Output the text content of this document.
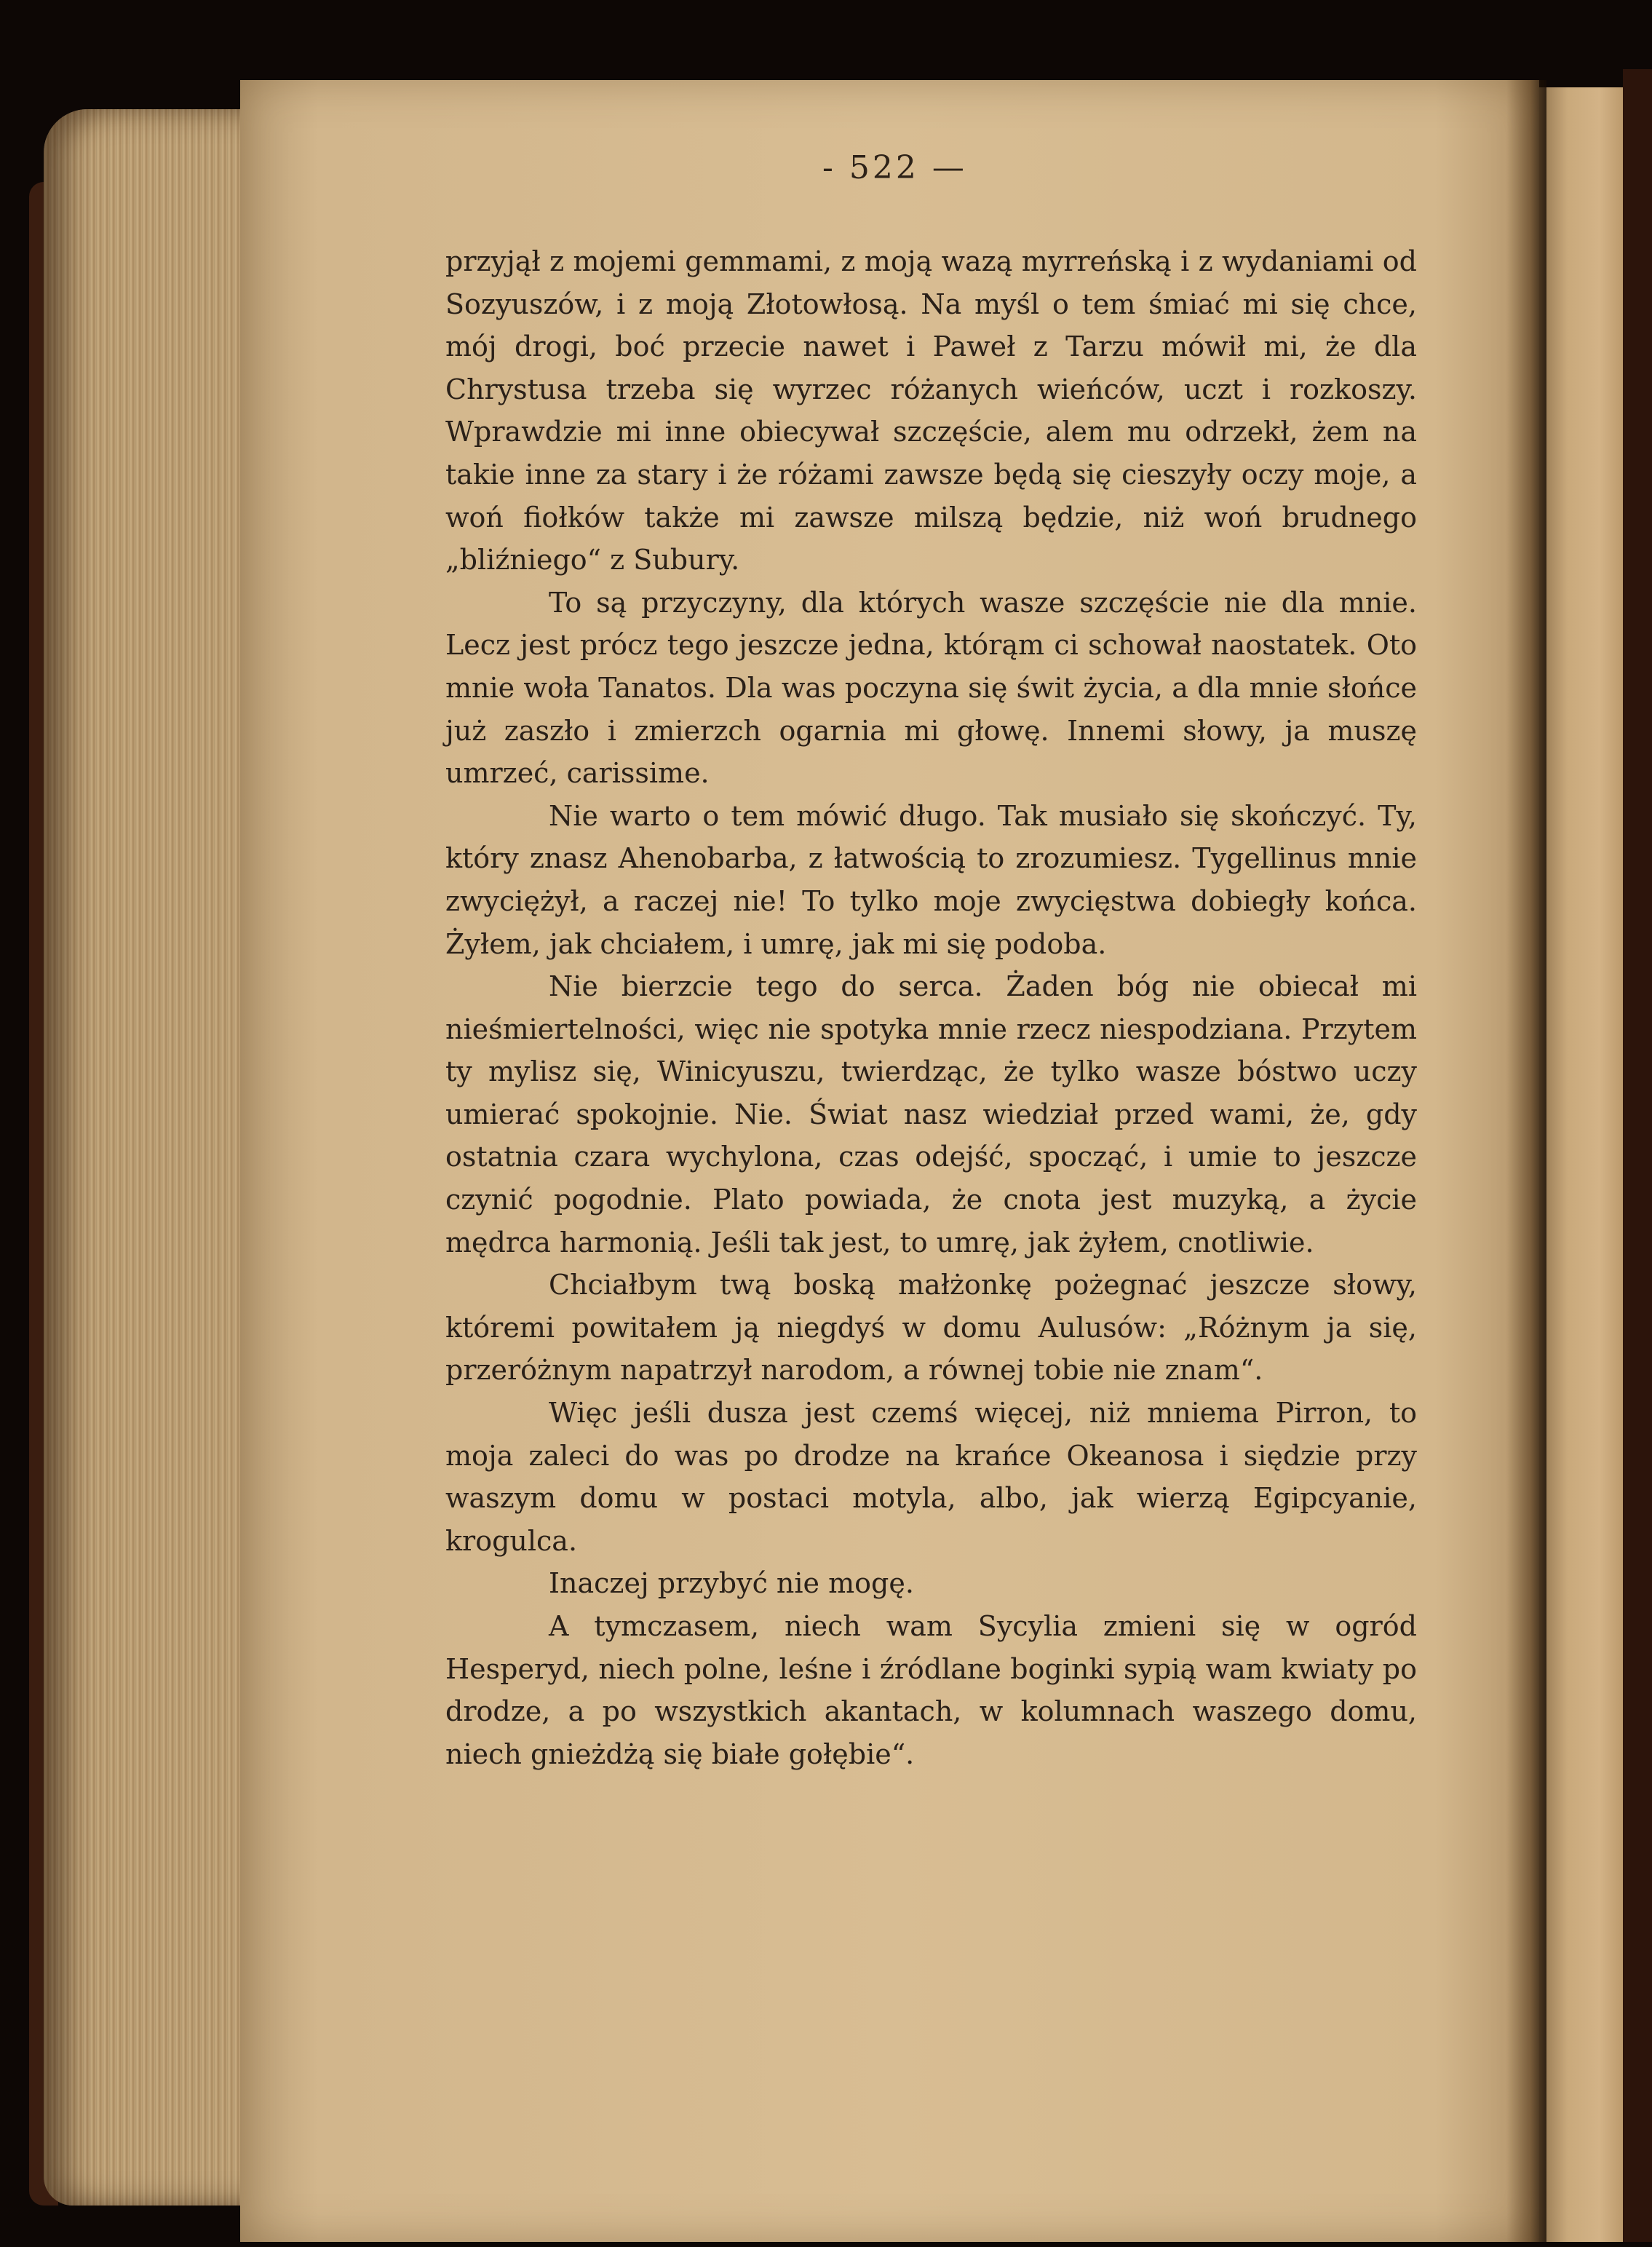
- 522 —

przyjął z mojemi gemmami, z moją wazą myrreńską i z wydaniami od Sozyuszów, i z moją Złotowłosą. Na myśl o tem śmiać mi się chce, mój drogi, boć przecie nawet i Paweł z Tarzu mówił mi, że dla Chrystusa trzeba się wyrzec różanych wieńców, uczt i rozkoszy. Wprawdzie mi inne obiecywał szczęście, alem mu odrzekł, żem na takie inne za stary i że różami zawsze będą się cieszyły oczy moje, a woń fiołków także mi zawsze milszą będzie, niż woń brudnego „bliźniego“ z Subury.

To są przyczyny, dla których wasze szczęście nie dla mnie. Lecz jest prócz tego jeszcze jedna, którąm ci schował naostatek. Oto mnie woła Tanatos. Dla was poczyna się świt życia, a dla mnie słońce już zaszło i zmierzch ogarnia mi głowę. Innemi słowy, ja muszę umrzeć, carissime.

Nie warto o tem mówić długo. Tak musiało się skończyć. Ty, który znasz Ahenobarba, z łatwością to zrozumiesz. Tygellinus mnie zwyciężył, a raczej nie! To tylko moje zwycięstwa dobiegły końca. Żyłem, jak chciałem, i umrę, jak mi się podoba.

Nie bierzcie tego do serca. Żaden bóg nie obiecał mi nieśmiertelności, więc nie spotyka mnie rzecz niespodziana. Przytem ty mylisz się, Winicyuszu, twierdząc, że tylko wasze bóstwo uczy umierać spokojnie. Nie. Świat nasz wiedział przed wami, że, gdy ostatnia czara wychylona, czas odejść, spocząć, i umie to jeszcze czynić pogodnie. Plato powiada, że cnota jest muzyką, a życie mędrca harmonią. Jeśli tak jest, to umrę, jak żyłem, cnotliwie.

Chciałbym twą boską małżonkę pożegnać jeszcze słowy, któremi powitałem ją niegdyś w domu Aulusów: „Różnym ja się, przeróżnym napatrzył narodom, a równej tobie nie znam“.

Więc jeśli dusza jest czemś więcej, niż mniema Pirron, to moja zaleci do was po drodze na krańce Okeanosa i siędzie przy waszym domu w postaci motyla, albo, jak wierzą Egipcyanie, krogulca.

Inaczej przybyć nie mogę.

A tymczasem, niech wam Sycylia zmieni się w ogród Hesperyd, niech polne, leśne i źródlane boginki sypią wam kwiaty po drodze, a po wszystkich akantach, w kolumnach waszego domu, niech gnieżdżą się białe gołębie“.
